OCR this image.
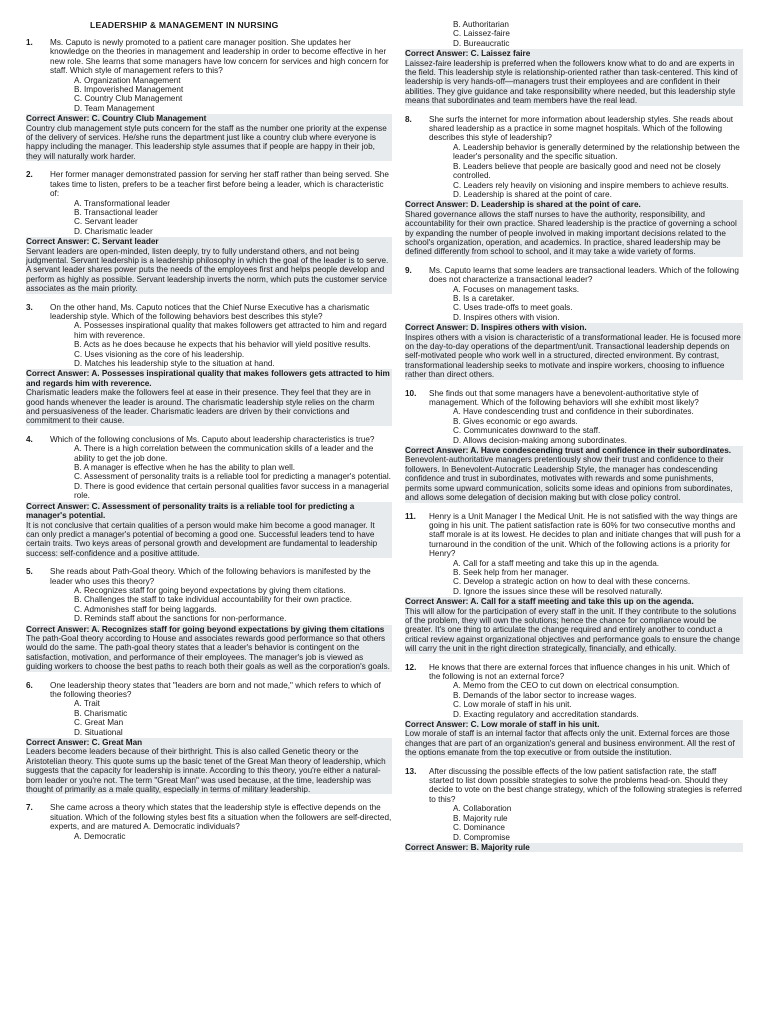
LEADERSHIP & MANAGEMENT IN NURSING
1. Ms. Caputo is newly promoted to a patient care manager position. She updates her knowledge on the theories in management and leadership in order to become effective in her new role. She learns that some managers have low concern for services and high concern for staff. Which style of management refers to this?
A. Organization Management
B. Impoverished Management
C. Country Club Management
D. Team Management
Correct Answer: C. Country Club Management
Country club management style puts concern for the staff as the number one priority at the expense of the delivery of services. He/she runs the department just like a country club where everyone is happy including the manager. This leadership style assumes that if people are happy in their job, they will naturally work harder.
2. Her former manager demonstrated passion for serving her staff rather than being served. She takes time to listen, prefers to be a teacher first before being a leader, which is characteristic of:
A. Transformational leader
B. Transactional leader
C. Servant leader
D. Charismatic leader
Correct Answer: C. Servant leader
Servant leaders are open-minded, listen deeply, try to fully understand others, and not being judgmental. Servant leadership is a leadership philosophy in which the goal of the leader is to serve. A servant leader shares power puts the needs of the employees first and helps people develop and perform as highly as possible. Servant leadership inverts the norm, which puts the customer service associates as the main priority.
3. On the other hand, Ms. Caputo notices that the Chief Nurse Executive has a charismatic leadership style. Which of the following behaviors best describes this style?
A. Possesses inspirational quality that makes followers get attracted to him and regard him with reverence.
B. Acts as he does because he expects that his behavior will yield positive results.
C. Uses visioning as the core of his leadership.
D. Matches his leadership style to the situation at hand.
Correct Answer: A. Possesses inspirational quality that makes followers gets attracted to him and regards him with reverence.
Charismatic leaders make the followers feel at ease in their presence. They feel that they are in good hands whenever the leader is around. The charismatic leadership style relies on the charm and persuasiveness of the leader. Charismatic leaders are driven by their convictions and commitment to their cause.
4. Which of the following conclusions of Ms. Caputo about leadership characteristics is true?
A. There is a high correlation between the communication skills of a leader and the ability to get the job done.
B. A manager is effective when he has the ability to plan well.
C. Assessment of personality traits is a reliable tool for predicting a manager's potential.
D. There is good evidence that certain personal qualities favor success in a managerial role.
Correct Answer: C. Assessment of personality traits is a reliable tool for predicting a manager's potential.
It is not conclusive that certain qualities of a person would make him become a good manager. It can only predict a manager's potential of becoming a good one. Successful leaders tend to have certain traits. Two keys areas of personal growth and development are fundamental to leadership success: self-confidence and a positive attitude.
5. She reads about Path-Goal theory. Which of the following behaviors is manifested by the leader who uses this theory?
A. Recognizes staff for going beyond expectations by giving them citations.
B. Challenges the staff to take individual accountability for their own practice.
C. Admonishes staff for being laggards.
D. Reminds staff about the sanctions for non-performance.
Correct Answer: A. Recognizes staff for going beyond expectations by giving them citations
The path-Goal theory according to House and associates rewards good performance so that others would do the same. The path-goal theory states that a leader's behavior is contingent on the satisfaction, motivation, and performance of their employees. The manager's job is viewed as guiding workers to choose the best paths to reach both their goals as well as the corporation's goals.
6. One leadership theory states that "leaders are born and not made," which refers to which of the following theories?
A. Trait
B. Charismatic
C. Great Man
D. Situational
Correct Answer: C. Great Man
Leaders become leaders because of their birthright. This is also called Genetic theory or the Aristotelian theory. This quote sums up the basic tenet of the Great Man theory of leadership, which suggests that the capacity for leadership is innate. According to this theory, you're either a natural-born leader or you're not. The term "Great Man" was used because, at the time, leadership was thought of primarily as a male quality, especially in terms of military leadership.
7. She came across a theory which states that the leadership style is effective depends on the situation. Which of the following styles best fits a situation when the followers are self-directed, experts, and are matured A. Democratic individuals?
A. Democratic
B. Authoritarian
C. Laissez-faire
D. Bureaucratic
Correct Answer: C. Laissez faire
Laissez-faire leadership is preferred when the followers know what to do and are experts in the field. This leadership style is relationship-oriented rather than task-centered. This kind of leadership is very hands-off—managers trust their employees and are confident in their abilities. They give guidance and take responsibility where needed, but this leadership style means that subordinates and team members have the real lead.
8. She surfs the internet for more information about leadership styles. She reads about shared leadership as a practice in some magnet hospitals. Which of the following describes this style of leadership?
A. Leadership behavior is generally determined by the relationship between the leader's personality and the specific situation.
B. Leaders believe that people are basically good and need not be closely controlled.
C. Leaders rely heavily on visioning and inspire members to achieve results.
D. Leadership is shared at the point of care.
Correct Answer: D. Leadership is shared at the point of care.
Shared governance allows the staff nurses to have the authority, responsibility, and accountability for their own practice. Shared leadership is the practice of governing a school by expanding the number of people involved in making important decisions related to the school's organization, operation, and academics. In practice, shared leadership may be defined differently from school to school, and it may take a wide variety of forms.
9. Ms. Caputo learns that some leaders are transactional leaders. Which of the following does not characterize a transactional leader?
A. Focuses on management tasks.
B. Is a caretaker.
C. Uses trade-offs to meet goals.
D. Inspires others with vision.
Correct Answer: D. Inspires others with vision.
Inspires others with a vision is characteristic of a transformational leader. He is focused more on the day-to-day operations of the department/unit. Transactional leadership depends on self-motivated people who work well in a structured, directed environment. By contrast, transformational leadership seeks to motivate and inspire workers, choosing to influence rather than direct others.
10. She finds out that some managers have a benevolent-authoritative style of management. Which of the following behaviors will she exhibit most likely?
A. Have condescending trust and confidence in their subordinates.
B. Gives economic or ego awards.
C. Communicates downward to the staff.
D. Allows decision-making among subordinates.
Correct Answer: A. Have condescending trust and confidence in their subordinates.
Benevolent-authoritative managers pretentiously show their trust and confidence to their followers. In Benevolent-Autocratic Leadership Style, the manager has condescending confidence and trust in subordinates, motivates with rewards and some punishments, permits some upward communication, solicits some ideas and opinions from subordinates, and allows some delegation of decision making but with close policy control.
11. Henry is a Unit Manager I the Medical Unit. He is not satisfied with the way things are going in his unit. The patient satisfaction rate is 60% for two consecutive months and staff morale is at its lowest. He decides to plan and initiate changes that will push for a turnaround in the condition of the unit. Which of the following actions is a priority for Henry?
A. Call for a staff meeting and take this up in the agenda.
B. Seek help from her manager.
C. Develop a strategic action on how to deal with these concerns.
D. Ignore the issues since these will be resolved naturally.
Correct Answer: A. Call for a staff meeting and take this up on the agenda.
This will allow for the participation of every staff in the unit. If they contribute to the solutions of the problem, they will own the solutions; hence the chance for compliance would be greater. It's one thing to articulate the change required and entirely another to conduct a critical review against organizational objectives and performance goals to ensure the change will carry the unit in the right direction strategically, financially, and ethically.
12. He knows that there are external forces that influence changes in his unit. Which of the following is not an external force?
A. Memo from the CEO to cut down on electrical consumption.
B. Demands of the labor sector to increase wages.
C. Low morale of staff in his unit.
D. Exacting regulatory and accreditation standards.
Correct Answer: C. Low morale of staff in his unit.
Low morale of staff is an internal factor that affects only the unit. External forces are those changes that are part of an organization's general and business environment. All the rest of the options emanate from the top executive or from outside the institution.
13. After discussing the possible effects of the low patient satisfaction rate, the staff started to list down possible strategies to solve the problems head-on. Should they decide to vote on the best change strategy, which of the following strategies is referred to this?
A. Collaboration
B. Majority rule
C. Dominance
D. Compromise
Correct Answer: B. Majority rule
